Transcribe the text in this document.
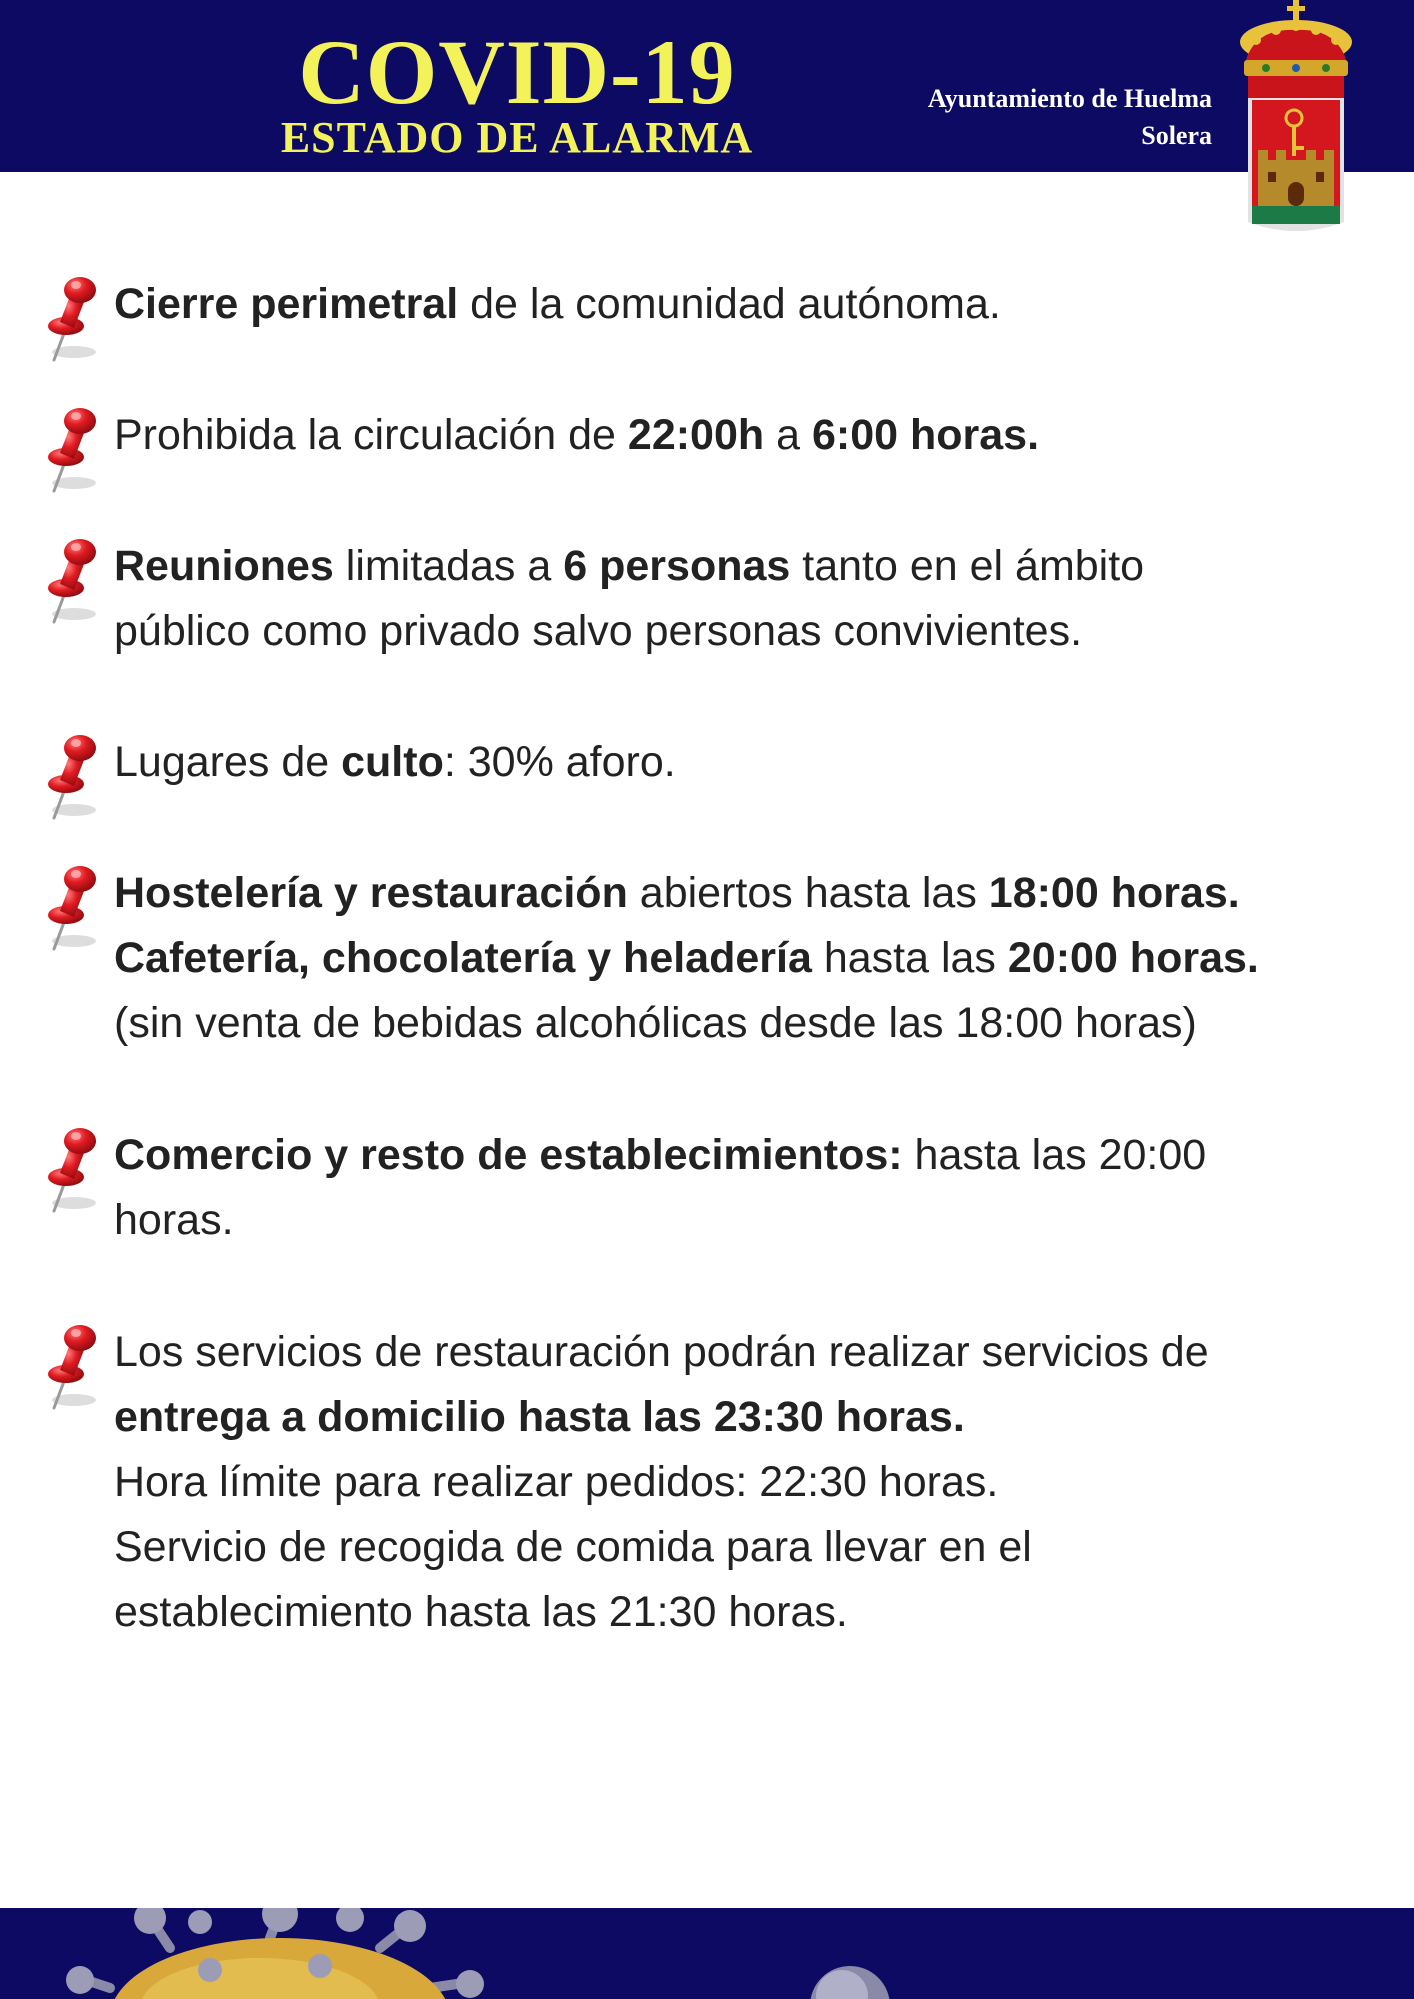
COVID-19
ESTADO DE ALARMA
Ayuntamiento de Huelma
Solera
Cierre perimetral de la comunidad autónoma.
Prohibida la circulación de 22:00h a 6:00 horas.
Reuniones limitadas a 6 personas tanto en el ámbito
público como privado salvo personas convivientes.
Lugares de culto: 30% aforo.
Hostelería y restauración abiertos hasta las 18:00 horas.
Cafetería, chocolatería y heladería hasta las 20:00 horas.
(sin venta de bebidas alcohólicas desde las 18:00 horas)
Comercio y resto de establecimientos: hasta las 20:00
horas.
Los servicios de restauración podrán realizar servicios de
entrega a domicilio hasta las 23:30 horas.
Hora límite para realizar pedidos: 22:30 horas.
Servicio de recogida de comida para llevar en el
establecimiento hasta las 21:30 horas.
